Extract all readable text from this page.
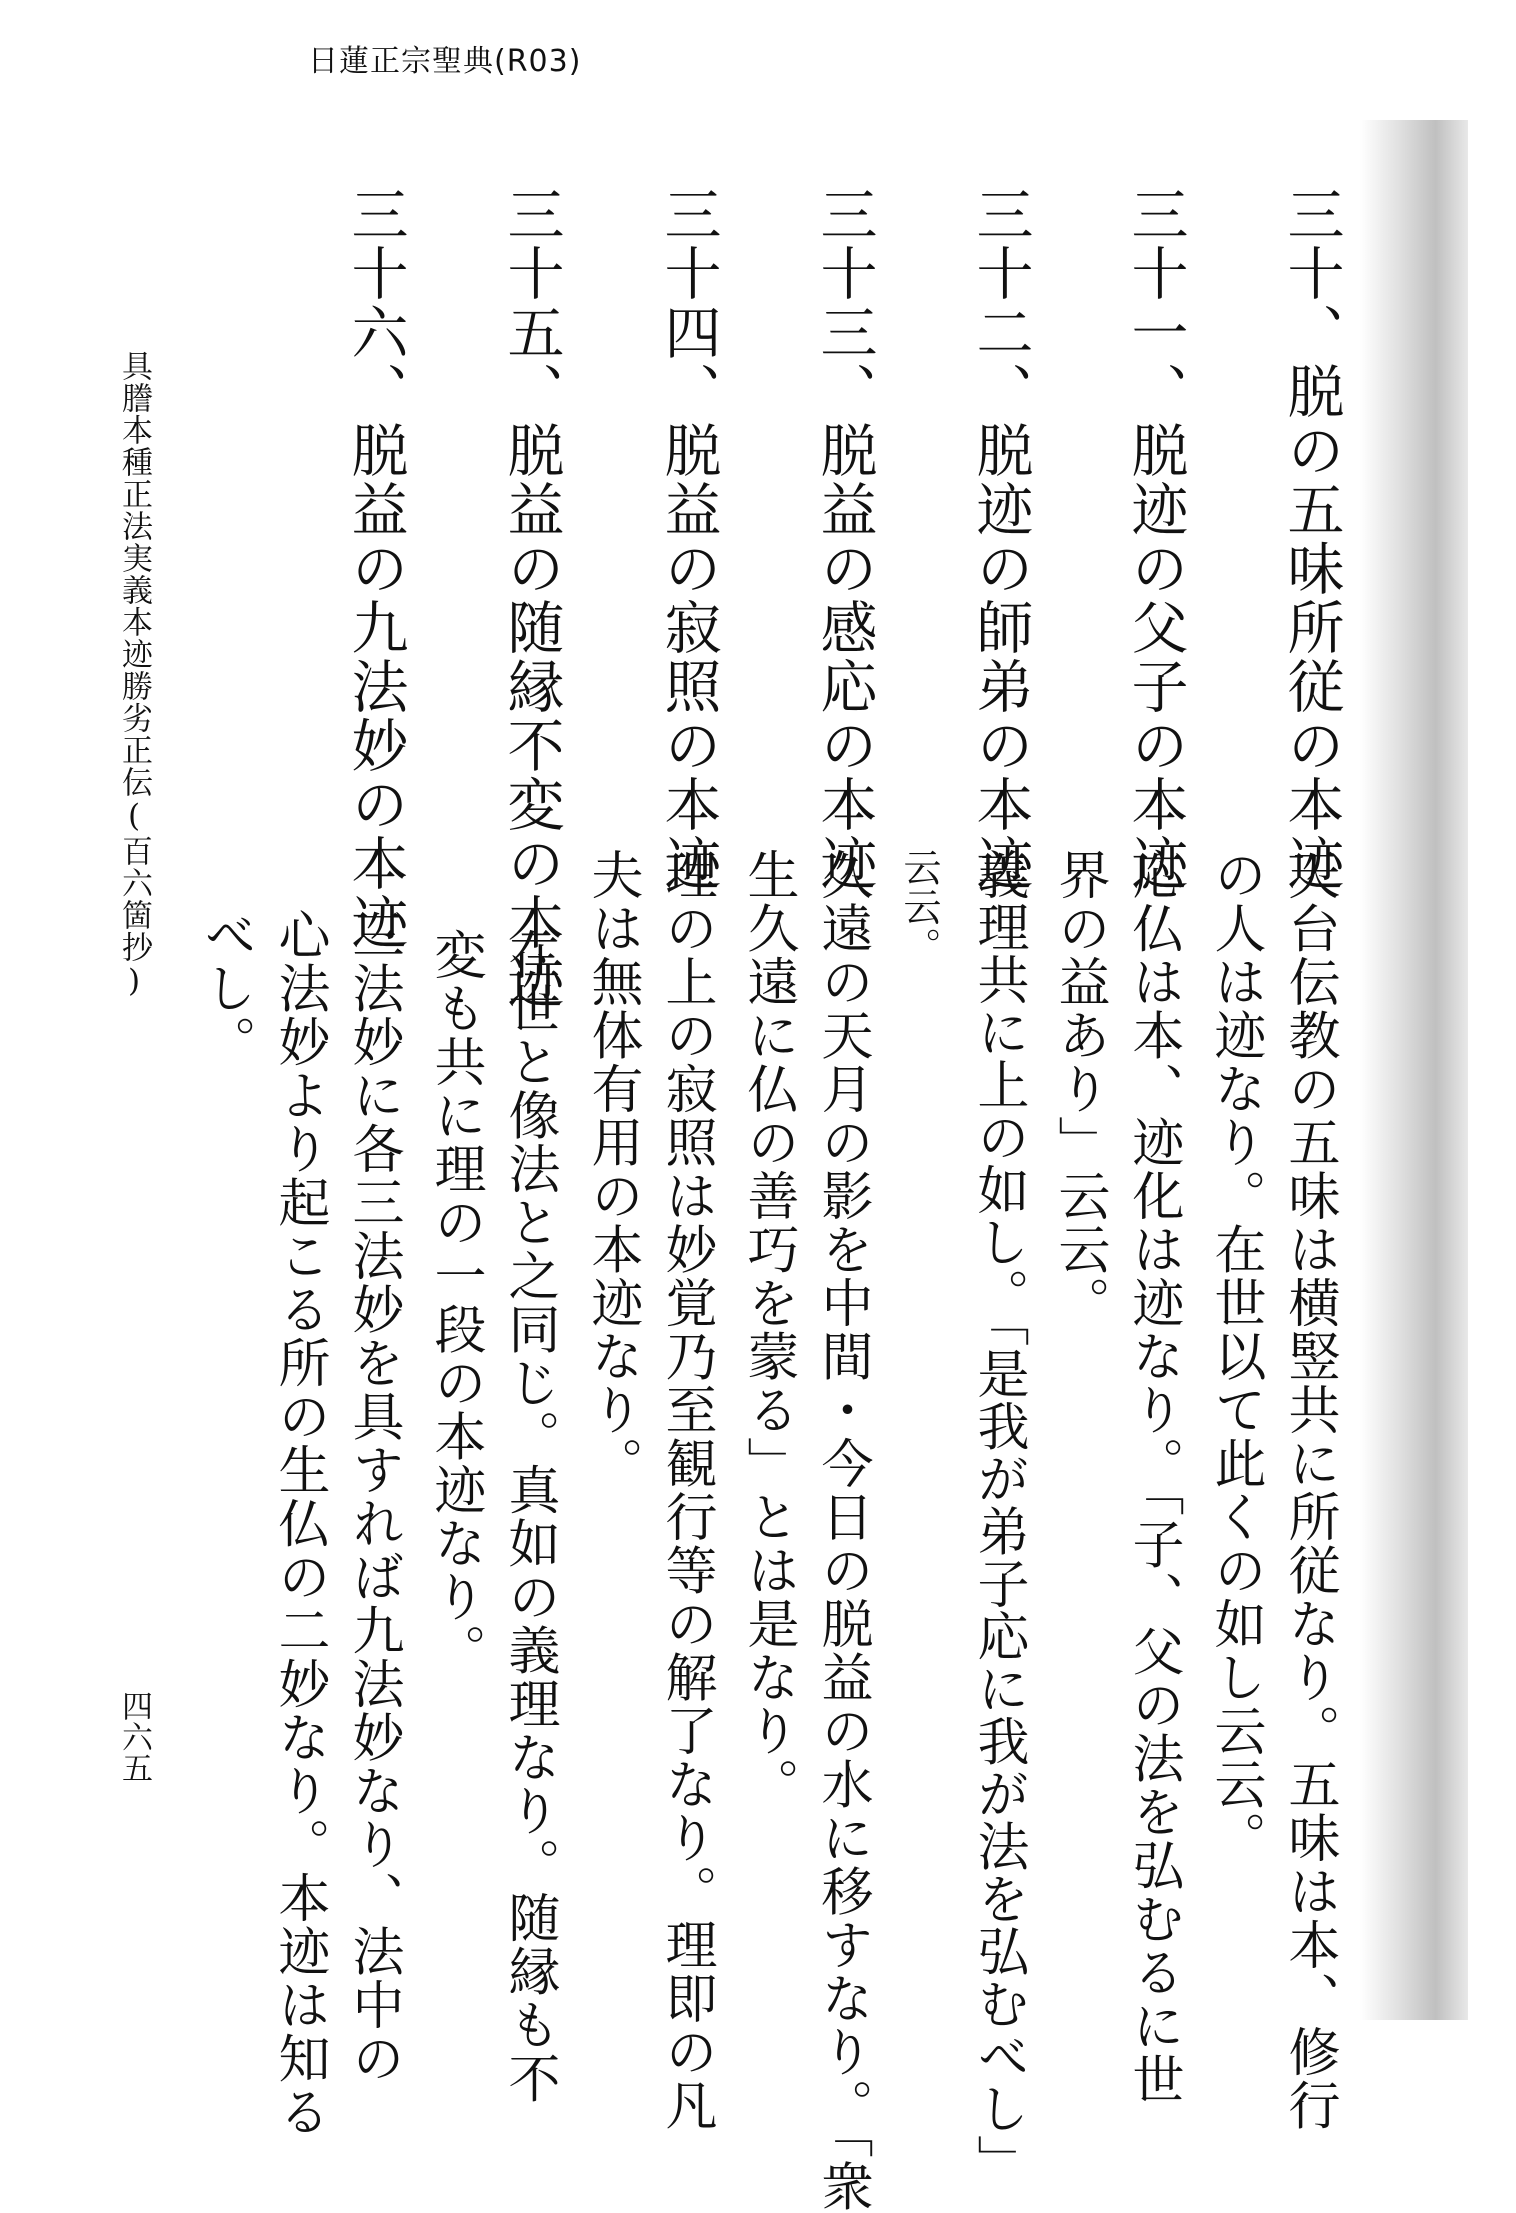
日蓮正宗聖典(R03)

三十、脱の五味所従の本迹

天台伝教の五味は横竪共に所従なり。五味は本、修行

の人は迹なり。在世以て此くの如し云云。

三十一、脱迹の父子の本迹

応仏は本、迹化は迹なり。「子、父の法を弘むるに世

界の益あり」云云。

三十二、脱迹の師弟の本迹

義理共に上の如し。「是我が弟子応に我が法を弘むべし」

云云。

三十三、脱益の感応の本迹

久遠の天月の影を中間・今日の脱益の水に移すなり。「衆

生久遠に仏の善巧を蒙る」とは是なり。

三十四、脱益の寂照の本迹

理の上の寂照は妙覚乃至観行等の解了なり。理即の凡

夫は無体有用の本迹なり。

三十五、脱益の随縁不変の本迹

在世と像法と之同じ。真如の義理なり。随縁も不

変も共に理の一段の本迹なり。

三十六、脱益の九法妙の本迹

三法妙に各三法妙を具すれば九法妙なり、法中の

心法妙より起こる所の生仏の二妙なり。本迹は知る

べし。

具謄本種正法実義本迹勝劣正伝(百六箇抄)
四六五
